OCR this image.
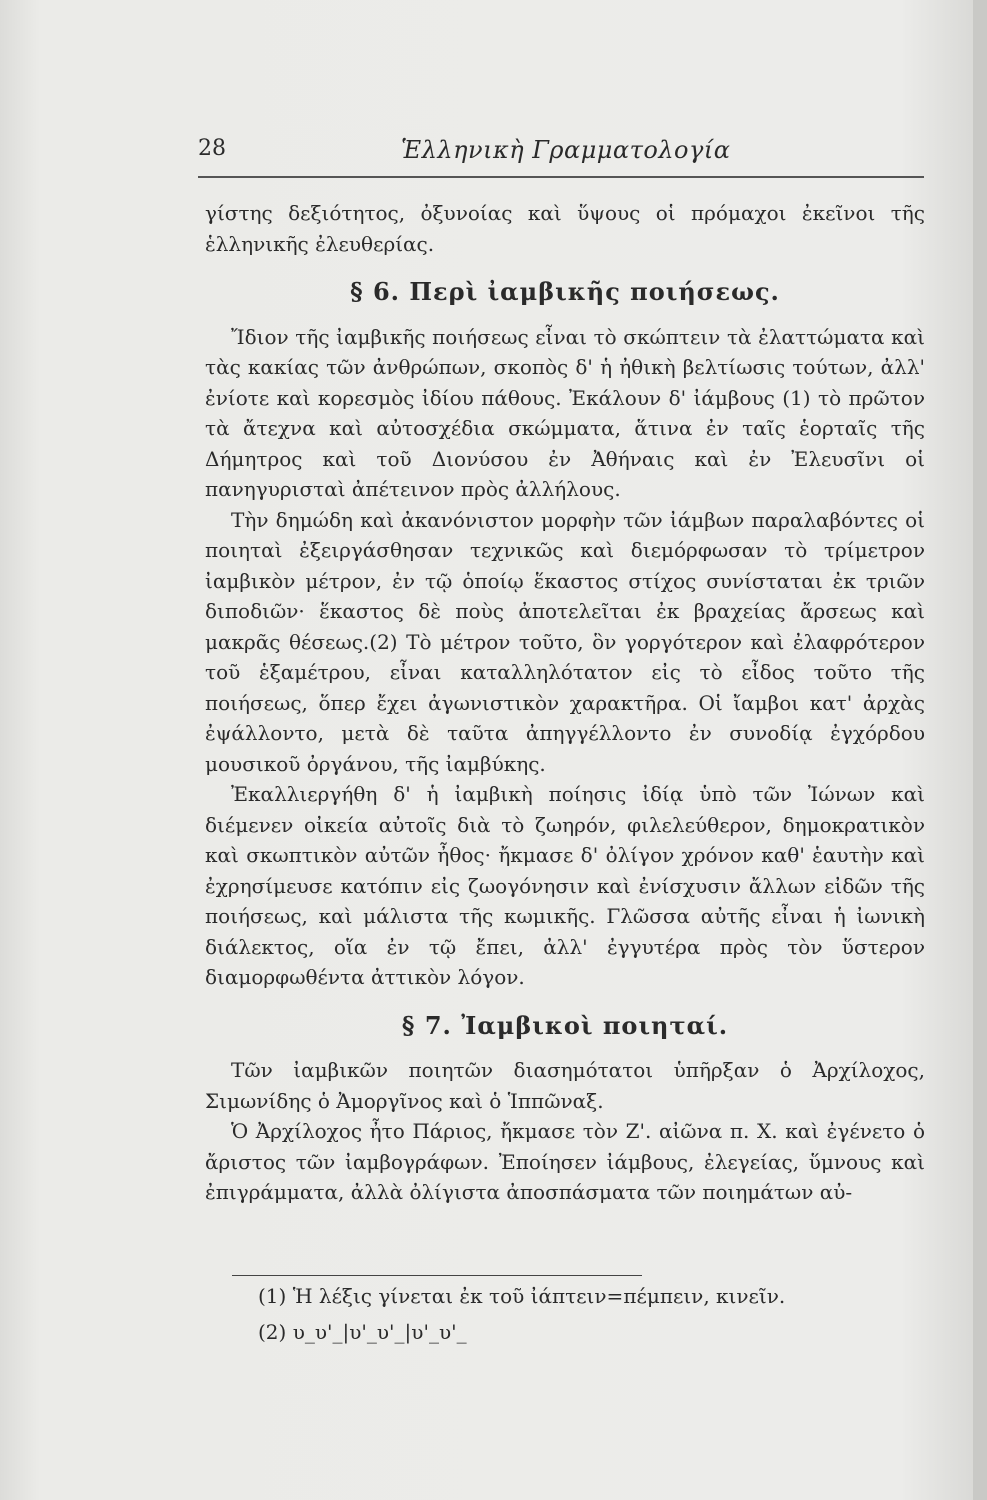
28	Ἑλληνικὴ Γραμματολογία

γίστης δεξιότητος, ὀξυνοίας καὶ ὕψους οἱ πρόμαχοι ἐκεῖνοι τῆς ἑλληνικῆς ἐλευθερίας.

§ 6. Περὶ ἰαμβικῆς ποιήσεως.

Ἴδιον τῆς ἰαμβικῆς ποιήσεως εἶναι τὸ σκώπτειν τὰ ἐλαττώματα καὶ τὰς κακίας τῶν ἀνθρώπων, σκοπὸς δ' ἡ ἠθικὴ βελτίωσις τούτων, ἀλλ' ἐνίοτε καὶ κορεσμὸς ἰδίου πάθους. Ἐκάλουν δ' ἰάμβους (1) τὸ πρῶτον τὰ ἄτεχνα καὶ αὐτοσχέδια σκώμματα, ἅτινα ἐν ταῖς ἑορταῖς τῆς Δήμητρος καὶ τοῦ Διονύσου ἐν Ἀθήναις καὶ ἐν Ἐλευσῖνι οἱ πανηγυρισταὶ ἀπέτεινον πρὸς ἀλλήλους.

Τὴν δημώδη καὶ ἀκανόνιστον μορφὴν τῶν ἰάμβων παραλαβόντες οἱ ποιηταὶ ἐξειργάσθησαν τεχνικῶς καὶ διεμόρφωσαν τὸ τρίμετρον ἰαμβικὸν μέτρον, ἐν τῷ ὁποίῳ ἕκαστος στίχος συνίσταται ἐκ τριῶν διποδιῶν· ἕκαστος δὲ ποὺς ἀποτελεῖται ἐκ βραχείας ἄρσεως καὶ μακρᾶς θέσεως.(2) Τὸ μέτρον τοῦτο, ὃν γοργότερον καὶ ἐλαφρότερον τοῦ ἑξαμέτρου, εἶναι καταλληλότατον εἰς τὸ εἶδος τοῦτο τῆς ποιήσεως, ὅπερ ἔχει ἀγωνιστικὸν χαρακτῆρα. Οἱ ἴαμβοι κατ' ἀρχὰς ἐψάλλοντο, μετὰ δὲ ταῦτα ἀπηγγέλλοντο ἐν συνοδίᾳ ἐγχόρδου μουσικοῦ ὀργάνου, τῆς ἰαμβύκης.

Ἐκαλλιεργήθη δ' ἡ ἰαμβικὴ ποίησις ἰδίᾳ ὑπὸ τῶν Ἰώνων καὶ διέμενεν οἰκεία αὐτοῖς διὰ τὸ ζωηρόν, φιλελεύθερον, δημοκρατικὸν καὶ σκωπτικὸν αὐτῶν ἦθος· ἤκμασε δ' ὀλίγον χρόνον καθ' ἑαυτὴν καὶ ἐχρησίμευσε κατόπιν εἰς ζωογόνησιν καὶ ἐνίσχυσιν ἄλλων εἰδῶν τῆς ποιήσεως, καὶ μάλιστα τῆς κωμικῆς. Γλῶσσα αὐτῆς εἶναι ἡ ἰωνικὴ διάλεκτος, οἵα ἐν τῷ ἔπει, ἀλλ' ἐγγυτέρα πρὸς τὸν ὕστερον διαμορφωθέντα ἀττικὸν λόγον.

§ 7. Ἰαμβικοὶ ποιηταί.

Τῶν ἰαμβικῶν ποιητῶν διασημότατοι ὑπῆρξαν ὁ Ἀρχίλοχος, Σιμωνίδης ὁ Ἀμοργῖνος καὶ ὁ Ἱππῶναξ.

Ὁ Ἀρχίλοχος ἦτο Πάριος, ἤκμασε τὸν Ζ'. αἰῶνα π. Χ. καὶ ἐγένετο ὁ ἄριστος τῶν ἰαμβογράφων. Ἐποίησεν ἰάμβους, ἐλεγείας, ὕμνους καὶ ἐπιγράμματα, ἀλλὰ ὀλίγιστα ἀποσπάσματα τῶν ποιημάτων αὐ-

(1) Ἡ λέξις γίνεται ἐκ τοῦ ἰάπτειν=πέμπειν, κινεῖν.
(2) υ_υ'_|υ'_υ'_|υ'_υ'_
